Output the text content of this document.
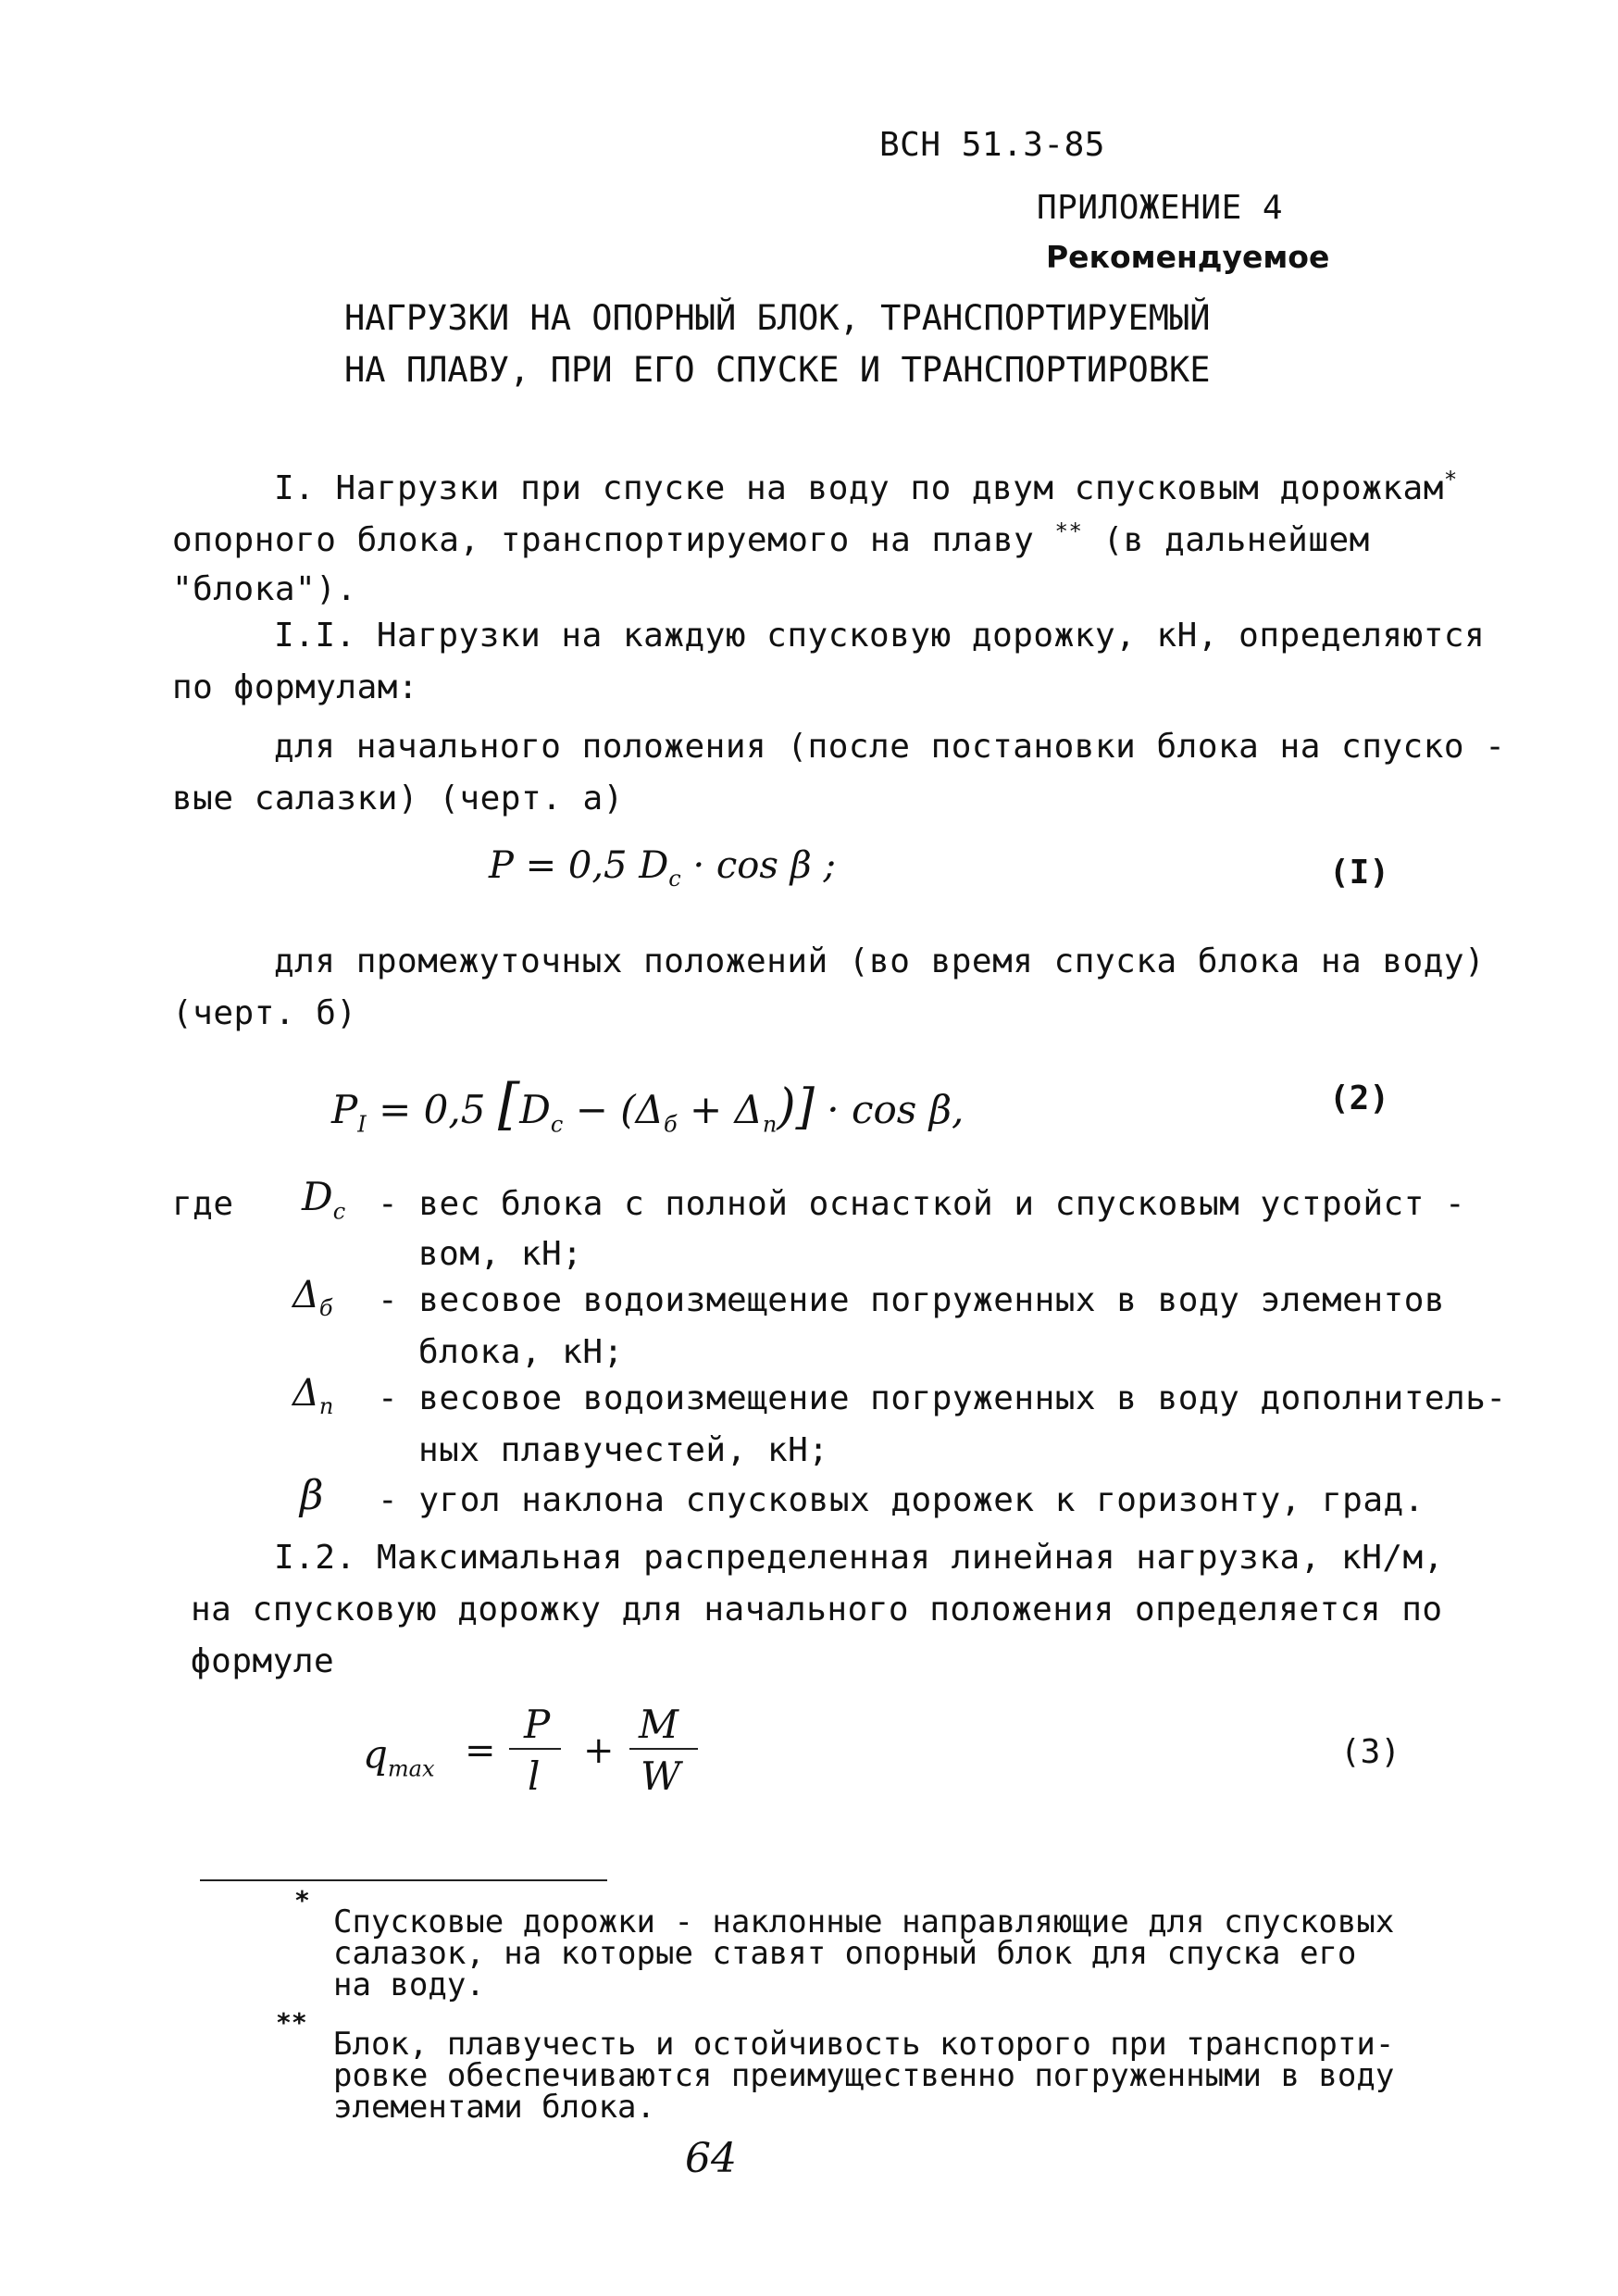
ВСН 51.3-85
ПРИЛОЖЕНИЕ 4
Рекомендуемое
НАГРУЗКИ НА ОПОРНЫЙ БЛОК, ТРАНСПОРТИРУЕМЫЙ
НА ПЛАВУ, ПРИ ЕГО СПУСКЕ И ТРАНСПОРТИРОВКЕ
I. Нагрузки при спуске на воду по двум спусковым дорожкам*
опорного блока, транспортируемого на плаву ** (в дальнейшем
"блока").
I.I. Нагрузки на каждую спусковую дорожку, кН, определяются
по формулам:
для начального положения (после постановки блока на спуско -
вые салазки) (черт. а)
P = 0,5 $D_c \cdot \cos \beta$ ;	(I)
для промежуточных положений (во время спуска блока на воду)
(черт. б)
$P_I = 0,5$ $[D_c - (\Delta_б + \Delta_п)] \cdot \cos \beta$,	(2)
где $D_c$ - вес блока с полной оснасткой и спусковым устройст -
вом, кН;
$\Delta_б$ - весовое водоизмещение погруженных в воду элементов
блока, кН;
$\Delta_п$ - весовое водоизмещение погруженных в воду дополнитель-
ных плавучестей, кН;
β - угол наклона спусковых дорожек к горизонту, град.
I.2. Максимальная распределенная линейная нагрузка, кН/м,
на спусковую дорожку для начального положения определяется по
формуле
$q_{max}$ =
P
l
+
M
W
(3)
*
Спусковые дорожки - наклонные направляющие для спусковых
салазок, на которые ставят опорный блок для спуска его
на воду.
**
Блок, плавучесть и остойчивость которого при транспорти-
ровке обеспечиваются преимущественно погруженными в воду
элементами блока.
64
